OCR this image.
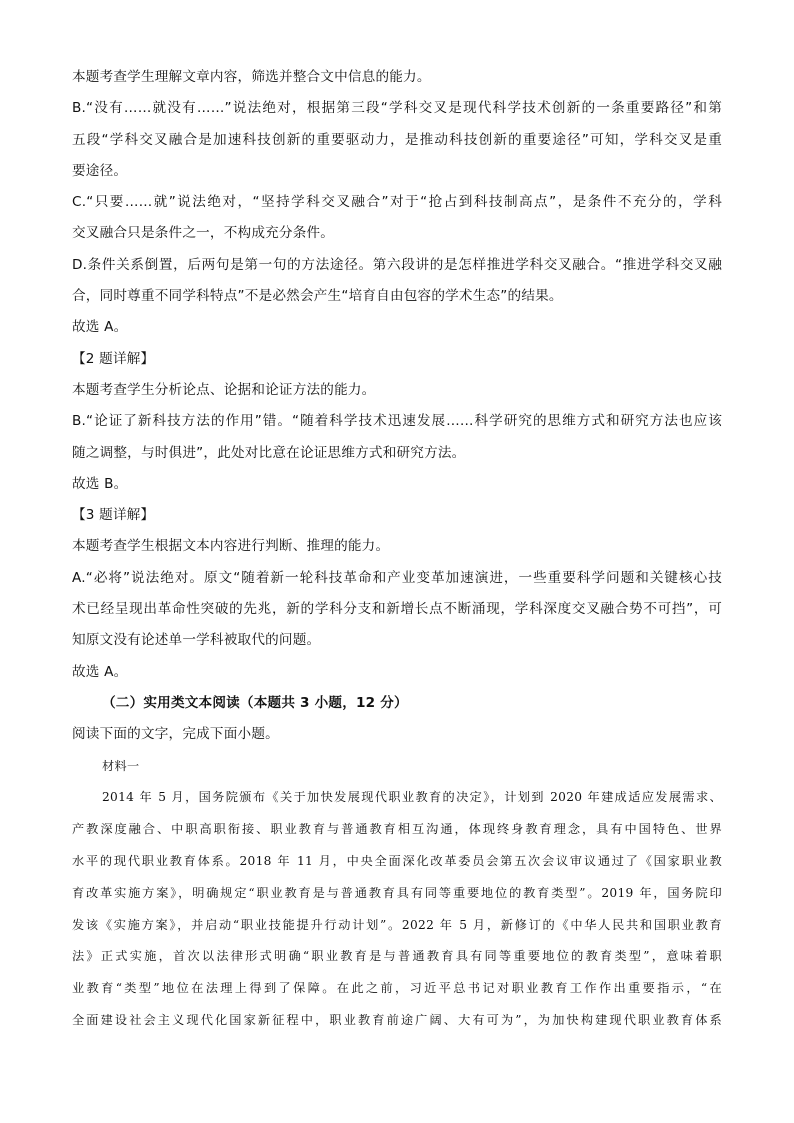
本题考查学生理解文章内容，筛选并整合文中信息的能力。
B.“没有……就没有……”说法绝对，根据第三段“学科交叉是现代科学技术创新的一条重要路径”和第
五段“学科交叉融合是加速科技创新的重要驱动力，是推动科技创新的重要途径”可知，学科交叉是重
要途径。
C.“只要……就”说法绝对，“坚持学科交叉融合”对于“抢占到科技制高点”，是条件不充分的，学科
交叉融合只是条件之一，不构成充分条件。
D.条件关系倒置，后两句是第一句的方法途径。第六段讲的是怎样推进学科交叉融合。“推进学科交叉融
合，同时尊重不同学科特点”不是必然会产生“培育自由包容的学术生态”的结果。
故选 A。
【2 题详解】
本题考查学生分析论点、论据和论证方法的能力。
B.“论证了新科技方法的作用”错。“随着科学技术迅速发展……科学研究的思维方式和研究方法也应该
随之调整，与时俱进”，此处对比意在论证思维方式和研究方法。
故选 B。
【3 题详解】
本题考查学生根据文本内容进行判断、推理的能力。
A.“必将”说法绝对。原文“随着新一轮科技革命和产业变革加速演进，一些重要科学问题和关键核心技
术已经呈现出革命性突破的先兆，新的学科分支和新增长点不断涌现，学科深度交叉融合势不可挡”，可
知原文没有论述单一学科被取代的问题。
故选 A。
（二）实用类文本阅读（本题共 3 小题，12 分）
阅读下面的文字，完成下面小题。
材料一
2014 年 5 月，国务院颁布《关于加快发展现代职业教育的决定》，计划到 2020 年建成适应发展需求、
产教深度融合、中职高职衔接、职业教育与普通教育相互沟通，体现终身教育理念，具有中国特色、世界
水平的现代职业教育体系。2018 年 11 月，中央全面深化改革委员会第五次会议审议通过了《国家职业教
育改革实施方案》，明确规定“职业教育是与普通教育具有同等重要地位的教育类型”。2019 年，国务院印
发该《实施方案》，并启动“职业技能提升行动计划”。2022 年 5 月，新修订的《中华人民共和国职业教育
法》正式实施，首次以法律形式明确“职业教育是与普通教育具有同等重要地位的教育类型”，意味着职
业教育“类型”地位在法理上得到了保障。在此之前，习近平总书记对职业教育工作作出重要指示，“在
全面建设社会主义现代化国家新征程中，职业教育前途广阔、大有可为”，为加快构建现代职业教育体系
